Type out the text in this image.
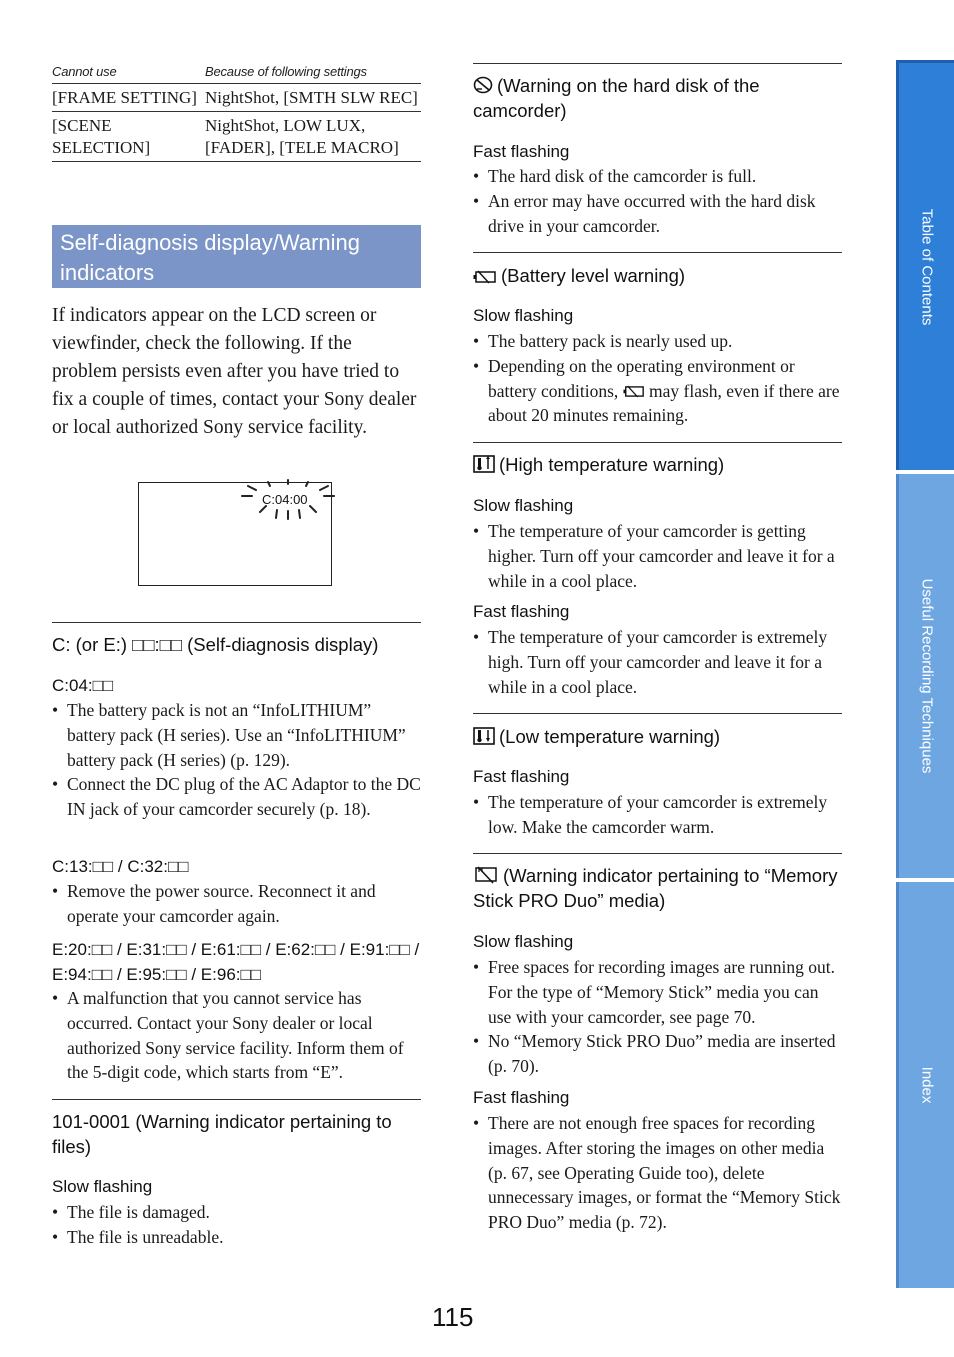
Cannot use	Because of following settings
[FRAME SETTING]	NightShot, [SMTH SLW REC]
[SCENE SELECTION]	NightShot, LOW LUX, [FADER], [TELE MACRO]
Self-diagnosis display/Warning indicators

If indicators appear on the LCD screen or viewfinder, check the following. If the problem persists even after you have tried to fix a couple of times, contact your Sony dealer or local authorized Sony service facility.

C:04:00
C: (or E:) □□:□□ (Self-diagnosis display)
C:04:□□
• The battery pack is not an “InfoLITHIUM” battery pack (H series). Use an “InfoLITHIUM” battery pack (H series) (p. 129).
• Connect the DC plug of the AC Adaptor to the DC IN jack of your camcorder securely (p. 18).
C:13:□□ / C:32:□□
• Remove the power source. Reconnect it and operate your camcorder again.
E:20:□□ / E:31:□□ / E:61:□□ / E:62:□□ / E:91:□□ / E:94:□□ / E:95:□□ / E:96:□□
• A malfunction that you cannot service has occurred. Contact your Sony dealer or local authorized Sony service facility. Inform them of the 5-digit code, which starts from “E”.
101-0001 (Warning indicator pertaining to files)
Slow flashing
• The file is damaged.
• The file is unreadable.
(Warning on the hard disk of the camcorder)
Fast flashing
• The hard disk of the camcorder is full.
• An error may have occurred with the hard disk drive in your camcorder.
(Battery level warning)
Slow flashing
• The battery pack is nearly used up.
• Depending on the operating environment or battery conditions, may flash, even if there are about 20 minutes remaining.
(High temperature warning)
Slow flashing
• The temperature of your camcorder is getting higher. Turn off your camcorder and leave it for a while in a cool place.
Fast flashing
• The temperature of your camcorder is extremely high. Turn off your camcorder and leave it for a while in a cool place.
(Low temperature warning)
Fast flashing
• The temperature of your camcorder is extremely low. Make the camcorder warm.
(Warning indicator pertaining to “Memory Stick PRO Duo” media)
Slow flashing
• Free spaces for recording images are running out. For the type of “Memory Stick” media you can use with your camcorder, see page 70.
• No “Memory Stick PRO Duo” media are inserted (p. 70).
Fast flashing
• There are not enough free spaces for recording images. After storing the images on other media (p. 67, see Operating Guide too), delete unnecessary images, or format the “Memory Stick PRO Duo” media (p. 72).
115
Table of Contents
Useful Recording Techniques
Index
